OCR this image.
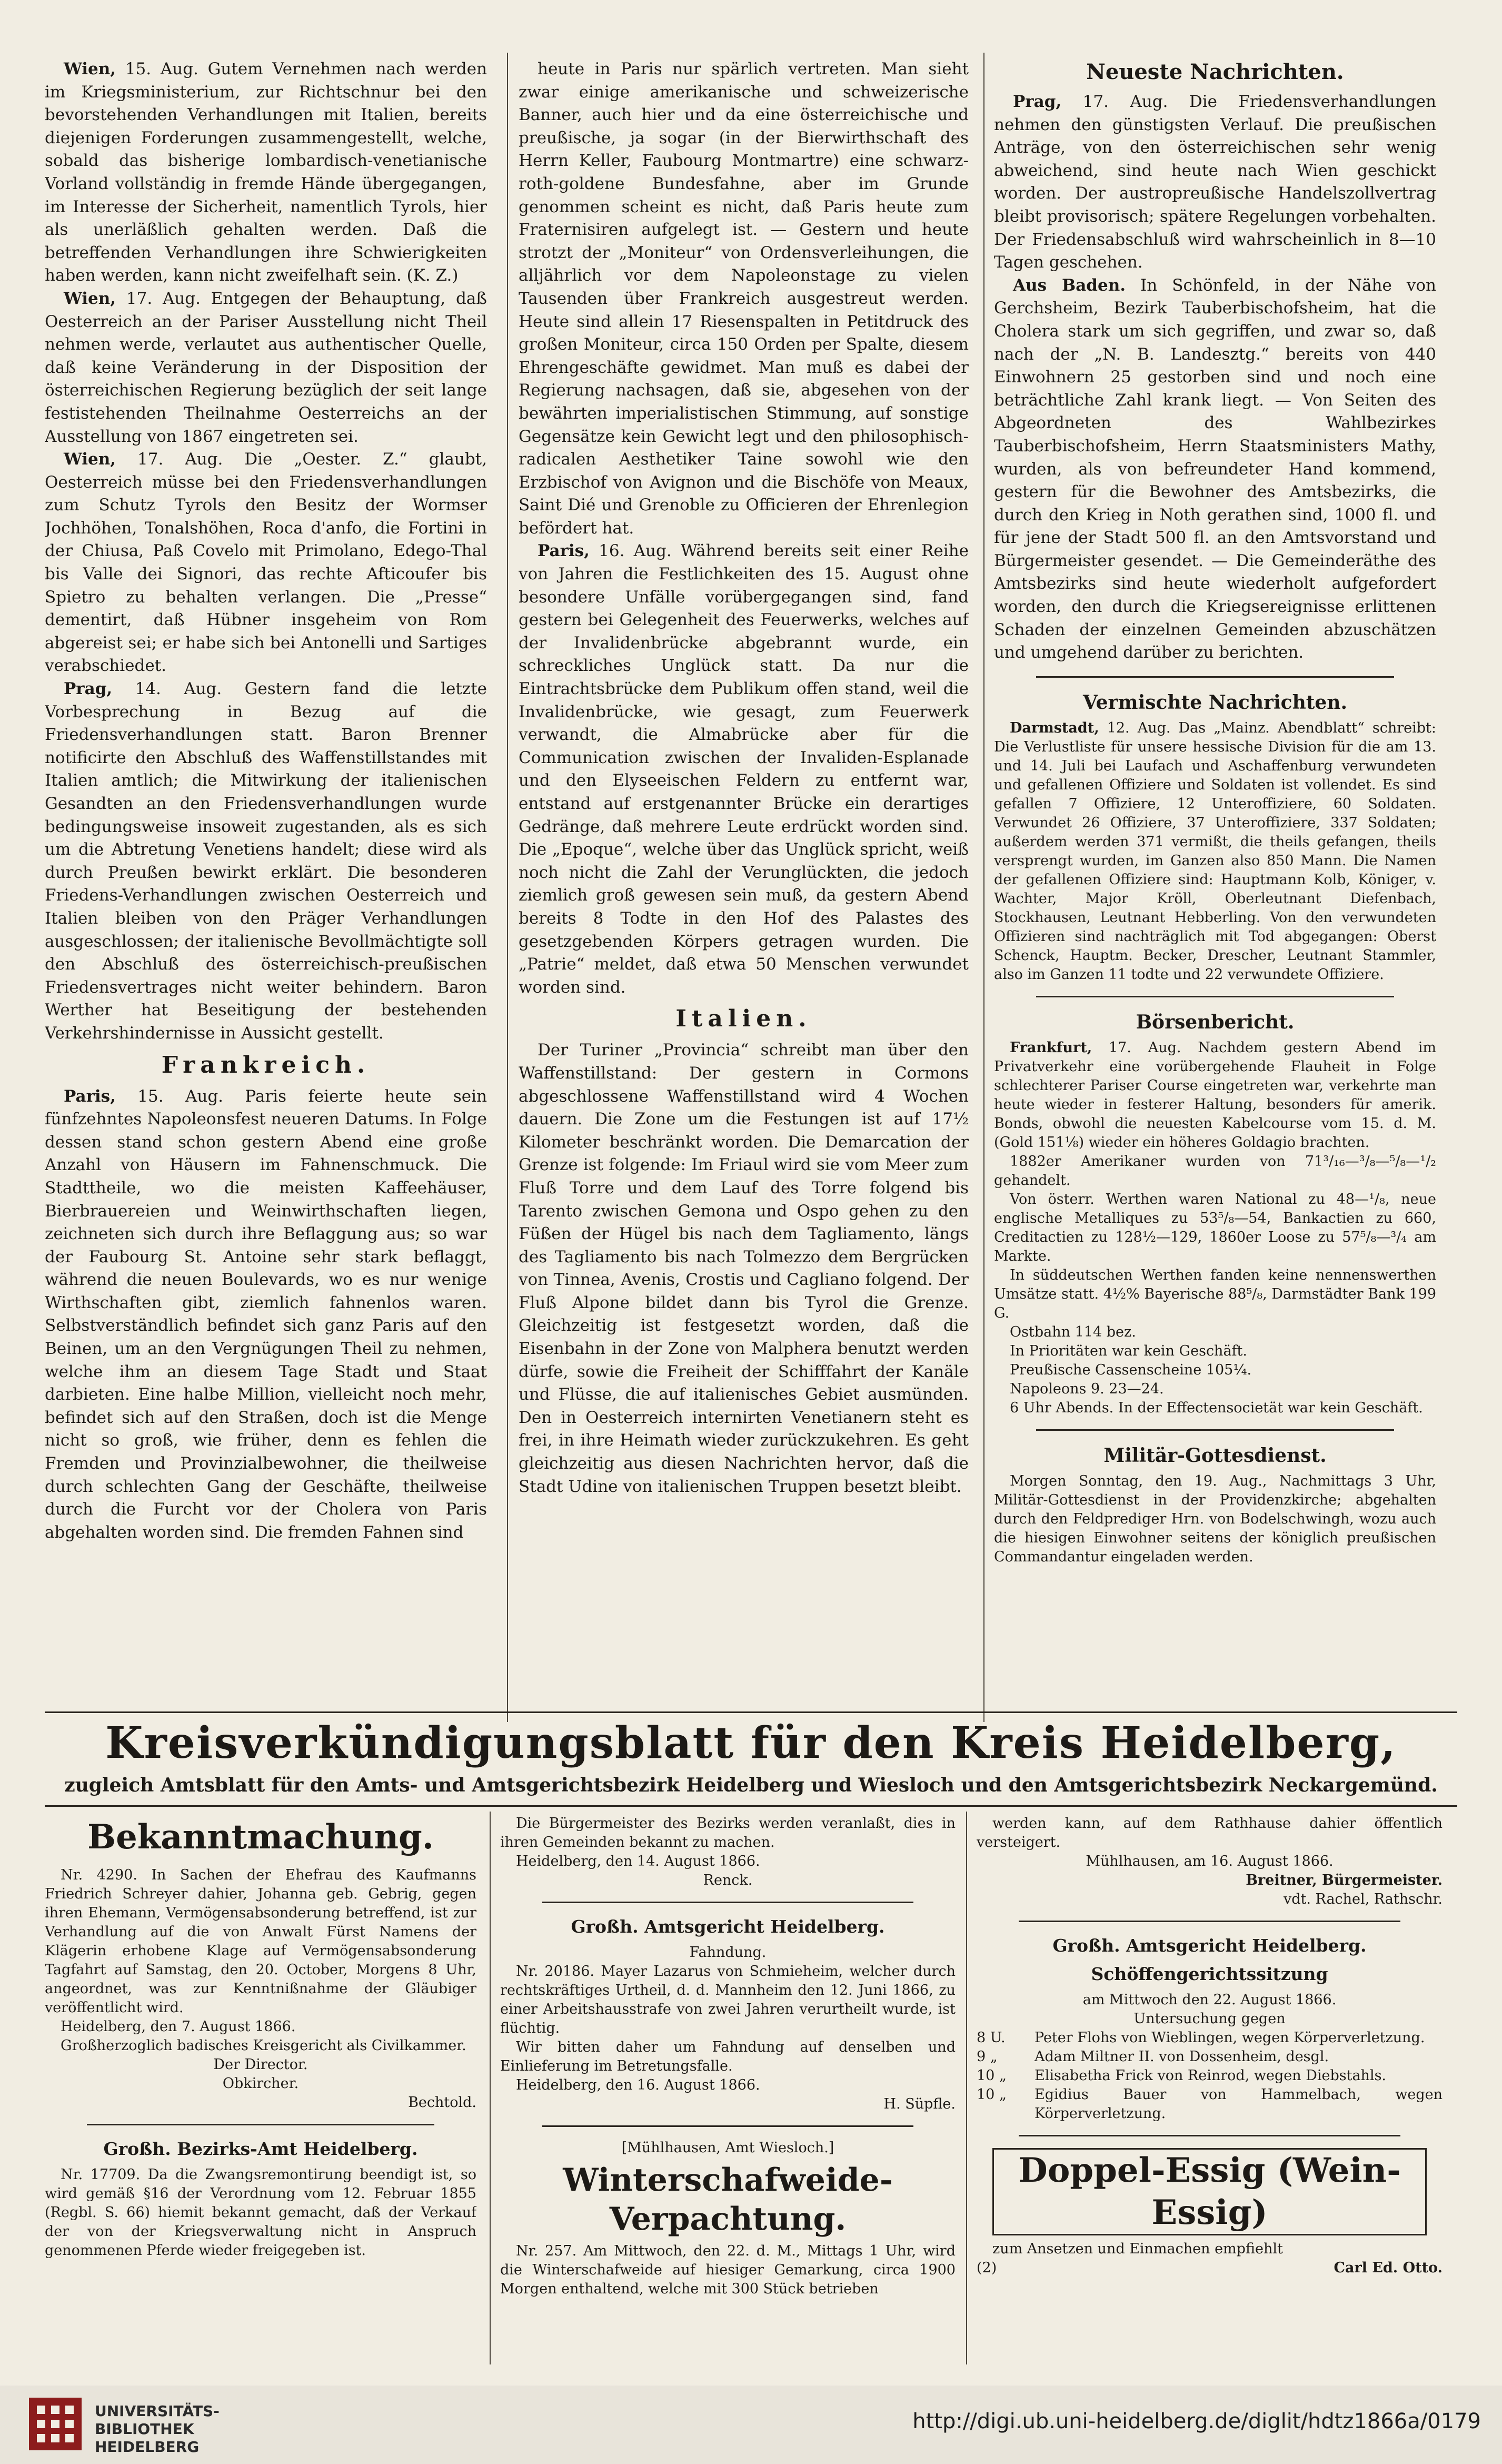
Wien, 15. Aug. Gutem Vernehmen nach werden im Kriegsministerium, zur Richtschnur bei den bevorstehenden Verhandlungen mit Italien, bereits diejenigen Forderungen zusammengestellt, welche, sobald das bisherige lombardisch-venetianische Vorland vollständig in fremde Hände übergegangen, im Interesse der Sicherheit, namentlich Tyrols, hier als unerläßlich gehalten werden. Daß die betreffenden Verhandlungen ihre Schwierigkeiten haben werden, kann nicht zweifelhaft sein. (K. Z.)

Wien, 17. Aug. Entgegen der Behauptung, daß Oesterreich an der Pariser Ausstellung nicht Theil nehmen werde, verlautet aus authentischer Quelle, daß keine Veränderung in der Disposition der österreichischen Regierung bezüglich der seit lange festistehenden Theilnahme Oesterreichs an der Ausstellung von 1867 eingetreten sei.

Wien, 17. Aug. Die „Oester. Z.“ glaubt, Oesterreich müsse bei den Friedensverhandlungen zum Schutz Tyrols den Besitz der Wormser Jochhöhen, Tonalshöhen, Roca d'anfo, die Fortini in der Chiusa, Paß Covelo mit Primolano, Edego-Thal bis Valle dei Signori, das rechte Afticoufer bis Spietro zu behalten verlangen. Die „Presse“ dementirt, daß Hübner insgeheim von Rom abgereist sei; er habe sich bei Antonelli und Sartiges verabschiedet.

Prag, 14. Aug. Gestern fand die letzte Vorbesprechung in Bezug auf die Friedensverhandlungen statt. Baron Brenner notificirte den Abschluß des Waffenstillstandes mit Italien amtlich; die Mitwirkung der italienischen Gesandten an den Friedensverhandlungen wurde bedingungsweise insoweit zugestanden, als es sich um die Abtretung Venetiens handelt; diese wird als durch Preußen bewirkt erklärt. Die besonderen Friedens-Verhandlungen zwischen Oesterreich und Italien bleiben von den Präger Verhandlungen ausgeschlossen; der italienische Bevollmächtigte soll den Abschluß des österreichisch-preußischen Friedensvertrages nicht weiter behindern. Baron Werther hat Beseitigung der bestehenden Verkehrshindernisse in Aussicht gestellt.

Frankreich.

Paris, 15. Aug. Paris feierte heute sein fünfzehntes Napoleonsfest neueren Datums. In Folge dessen stand schon gestern Abend eine große Anzahl von Häusern im Fahnenschmuck. Die Stadttheile, wo die meisten Kaffeehäuser, Bierbrauereien und Weinwirthschaften liegen, zeichneten sich durch ihre Beflaggung aus; so war der Faubourg St. Antoine sehr stark beflaggt, während die neuen Boulevards, wo es nur wenige Wirthschaften gibt, ziemlich fahnenlos waren. Selbstverständlich befindet sich ganz Paris auf den Beinen, um an den Vergnügungen Theil zu nehmen, welche ihm an diesem Tage Stadt und Staat darbieten. Eine halbe Million, vielleicht noch mehr, befindet sich auf den Straßen, doch ist die Menge nicht so groß, wie früher, denn es fehlen die Fremden und Provinzialbewohner, die theilweise durch schlechten Gang der Geschäfte, theilweise durch die Furcht vor der Cholera von Paris abgehalten worden sind. Die fremden Fahnen sind

heute in Paris nur spärlich vertreten. Man sieht zwar einige amerikanische und schweizerische Banner, auch hier und da eine österreichische und preußische, ja sogar (in der Bierwirthschaft des Herrn Keller, Faubourg Montmartre) eine schwarz-roth-goldene Bundesfahne, aber im Grunde genommen scheint es nicht, daß Paris heute zum Fraternisiren aufgelegt ist. — Gestern und heute strotzt der „Moniteur“ von Ordensverleihungen, die alljährlich vor dem Napoleonstage zu vielen Tausenden über Frankreich ausgestreut werden. Heute sind allein 17 Riesenspalten in Petitdruck des großen Moniteur, circa 150 Orden per Spalte, diesem Ehrengeschäfte gewidmet. Man muß es dabei der Regierung nachsagen, daß sie, abgesehen von der bewährten imperialistischen Stimmung, auf sonstige Gegensätze kein Gewicht legt und den philosophisch-radicalen Aesthetiker Taine sowohl wie den Erzbischof von Avignon und die Bischöfe von Meaux, Saint Dié und Grenoble zu Officieren der Ehrenlegion befördert hat.

Paris, 16. Aug. Während bereits seit einer Reihe von Jahren die Festlichkeiten des 15. August ohne besondere Unfälle vorübergegangen sind, fand gestern bei Gelegenheit des Feuerwerks, welches auf der Invalidenbrücke abgebrannt wurde, ein schreckliches Unglück statt. Da nur die Eintrachtsbrücke dem Publikum offen stand, weil die Invalidenbrücke, wie gesagt, zum Feuerwerk verwandt, die Almabrücke aber für die Communication zwischen der Invaliden-Esplanade und den Elyseeischen Feldern zu entfernt war, entstand auf erstgenannter Brücke ein derartiges Gedränge, daß mehrere Leute erdrückt worden sind. Die „Epoque“, welche über das Unglück spricht, weiß noch nicht die Zahl der Verunglückten, die jedoch ziemlich groß gewesen sein muß, da gestern Abend bereits 8 Todte in den Hof des Palastes des gesetzgebenden Körpers getragen wurden. Die „Patrie“ meldet, daß etwa 50 Menschen verwundet worden sind.

Italien.

Der Turiner „Provincia“ schreibt man über den Waffenstillstand: Der gestern in Cormons abgeschlossene Waffenstillstand wird 4 Wochen dauern. Die Zone um die Festungen ist auf 17½ Kilometer beschränkt worden. Die Demarcation der Grenze ist folgende: Im Friaul wird sie vom Meer zum Fluß Torre und dem Lauf des Torre folgend bis Tarento zwischen Gemona und Ospo gehen zu den Füßen der Hügel bis nach dem Tagliamento, längs des Tagliamento bis nach Tolmezzo dem Bergrücken von Tinnea, Avenis, Crostis und Cagliano folgend. Der Fluß Alpone bildet dann bis Tyrol die Grenze. Gleichzeitig ist festgesetzt worden, daß die Eisenbahn in der Zone von Malphera benutzt werden dürfe, sowie die Freiheit der Schifffahrt der Kanäle und Flüsse, die auf italienisches Gebiet ausmünden. Den in Oesterreich internirten Venetianern steht es frei, in ihre Heimath wieder zurückzukehren. Es geht gleichzeitig aus diesen Nachrichten hervor, daß die Stadt Udine von italienischen Truppen besetzt bleibt.

Neueste Nachrichten.

Prag, 17. Aug. Die Friedensverhandlungen nehmen den günstigsten Verlauf. Die preußischen Anträge, von den österreichischen sehr wenig abweichend, sind heute nach Wien geschickt worden. Der austropreußische Handelszollvertrag bleibt provisorisch; spätere Regelungen vorbehalten. Der Friedensabschluß wird wahrscheinlich in 8—10 Tagen geschehen.

Aus Baden. In Schönfeld, in der Nähe von Gerchsheim, Bezirk Tauberbischofsheim, hat die Cholera stark um sich gegriffen, und zwar so, daß nach der „N. B. Landesztg.“ bereits von 440 Einwohnern 25 gestorben sind und noch eine beträchtliche Zahl krank liegt. — Von Seiten des Abgeordneten des Wahlbezirkes Tauberbischofsheim, Herrn Staatsministers Mathy, wurden, als von befreundeter Hand kommend, gestern für die Bewohner des Amtsbezirks, die durch den Krieg in Noth gerathen sind, 1000 fl. und für jene der Stadt 500 fl. an den Amtsvorstand und Bürgermeister gesendet. — Die Gemeinderäthe des Amtsbezirks sind heute wiederholt aufgefordert worden, den durch die Kriegsereignisse erlittenen Schaden der einzelnen Gemeinden abzuschätzen und umgehend darüber zu berichten.

Vermischte Nachrichten.

Darmstadt, 12. Aug. Das „Mainz. Abendblatt“ schreibt: Die Verlustliste für unsere hessische Division für die am 13. und 14. Juli bei Laufach und Aschaffenburg verwundeten und gefallenen Offiziere und Soldaten ist vollendet. Es sind gefallen 7 Offiziere, 12 Unteroffiziere, 60 Soldaten. Verwundet 26 Offiziere, 37 Unteroffiziere, 337 Soldaten; außerdem werden 371 vermißt, die theils gefangen, theils versprengt wurden, im Ganzen also 850 Mann. Die Namen der gefallenen Offiziere sind: Hauptmann Kolb, Königer, v. Wachter, Major Kröll, Oberleutnant Diefenbach, Stockhausen, Leutnant Hebberling. Von den verwundeten Offizieren sind nachträglich mit Tod abgegangen: Oberst Schenck, Hauptm. Becker, Drescher, Leutnant Stammler, also im Ganzen 11 todte und 22 verwundete Offiziere.

Börsenbericht.

Frankfurt, 17. Aug. Nachdem gestern Abend im Privatverkehr eine vorübergehende Flauheit in Folge schlechterer Pariser Course eingetreten war, verkehrte man heute wieder in festerer Haltung, besonders für amerik. Bonds, obwohl die neuesten Kabelcourse vom 15. d. M. (Gold 151⅛) wieder ein höheres Goldagio brachten.

1882er Amerikaner wurden von 71³/₁₆—³/₈—⁵/₈—¹/₂ gehandelt.

Von österr. Werthen waren National zu 48—¹/₈, neue englische Metalliques zu 53⁵/₈—54, Bankactien zu 660, Creditactien zu 128½—129, 1860er Loose zu 57⁵/₈—³/₄ am Markte.

In süddeutschen Werthen fanden keine nennenswerthen Umsätze statt. 4½% Bayerische 88⁵/₈, Darmstädter Bank 199 G.

Ostbahn 114 bez.

In Prioritäten war kein Geschäft.

Preußische Cassenscheine 105¼.

Napoleons 9. 23—24.

6 Uhr Abends. In der Effectensocietät war kein Geschäft.

Militär-Gottesdienst.

Morgen Sonntag, den 19. Aug., Nachmittags 3 Uhr, Militär-Gottesdienst in der Providenzkirche; abgehalten durch den Feldprediger Hrn. von Bodelschwingh, wozu auch die hiesigen Einwohner seitens der königlich preußischen Commandantur eingeladen werden.

Kreisverkündigungsblatt für den Kreis Heidelberg,
zugleich Amtsblatt für den Amts- und Amtsgerichtsbezirk Heidelberg und Wiesloch und den Amtsgerichtsbezirk Neckargemünd.
Bekanntmachung.

Nr. 4290. In Sachen der Ehefrau des Kaufmanns Friedrich Schreyer dahier, Johanna geb. Gebrig, gegen ihren Ehemann, Vermögensabsonderung betreffend, ist zur Verhandlung auf die von Anwalt Fürst Namens der Klägerin erhobene Klage auf Vermögensabsonderung Tagfahrt auf Samstag, den 20. October, Morgens 8 Uhr, angeordnet, was zur Kenntnißnahme der Gläubiger veröffentlicht wird.

Heidelberg, den 7. August 1866.

Großherzoglich badisches Kreisgericht als Civilkammer.

Der Director.

Obkircher.

Bechtold.

Großh. Bezirks-Amt Heidelberg.

Nr. 17709. Da die Zwangsremontirung beendigt ist, so wird gemäß §16 der Verordnung vom 12. Februar 1855 (Regbl. S. 66) hiemit bekannt gemacht, daß der Verkauf der von der Kriegsverwaltung nicht in Anspruch genommenen Pferde wieder freigegeben ist.

Die Bürgermeister des Bezirks werden veranlaßt, dies in ihren Gemeinden bekannt zu machen.

Heidelberg, den 14. August 1866.

Renck.

Großh. Amtsgericht Heidelberg.

Fahndung.

Nr. 20186. Mayer Lazarus von Schmieheim, welcher durch rechtskräftiges Urtheil, d. d. Mannheim den 12. Juni 1866, zu einer Arbeitshausstrafe von zwei Jahren verurtheilt wurde, ist flüchtig.

Wir bitten daher um Fahndung auf denselben und Einlieferung im Betretungsfalle.

Heidelberg, den 16. August 1866.

H. Süpfle.

[Mühlhausen, Amt Wiesloch.]

Winterschafweide-Verpachtung.

Nr. 257. Am Mittwoch, den 22. d. M., Mittags 1 Uhr, wird die Winterschafweide auf hiesiger Gemarkung, circa 1900 Morgen enthaltend, welche mit 300 Stück betrieben

werden kann, auf dem Rathhause dahier öffentlich versteigert.

Mühlhausen, am 16. August 1866.

Breitner, Bürgermeister.

vdt. Rachel, Rathschr.

Großh. Amtsgericht Heidelberg.
Schöffengerichtssitzung

am Mittwoch den 22. August 1866.

Untersuchung gegen

8 U.	Peter Flohs von Wieblingen, wegen Körperverletzung.
9 „	Adam Miltner II. von Dossenheim, desgl.
10 „	Elisabetha Frick von Reinrod, wegen Diebstahls.
10 „	Egidius Bauer von Hammelbach, wegen Körperverletzung.
Doppel-Essig (Wein-Essig)

zum Ansetzen und Einmachen empfiehlt

(2)	Carl Ed. Otto.

UNIVERSITÄTS-
BIBLIOTHEK
HEIDELBERG
http://digi.ub.uni-heidelberg.de/diglit/hdtz1866a/0179
